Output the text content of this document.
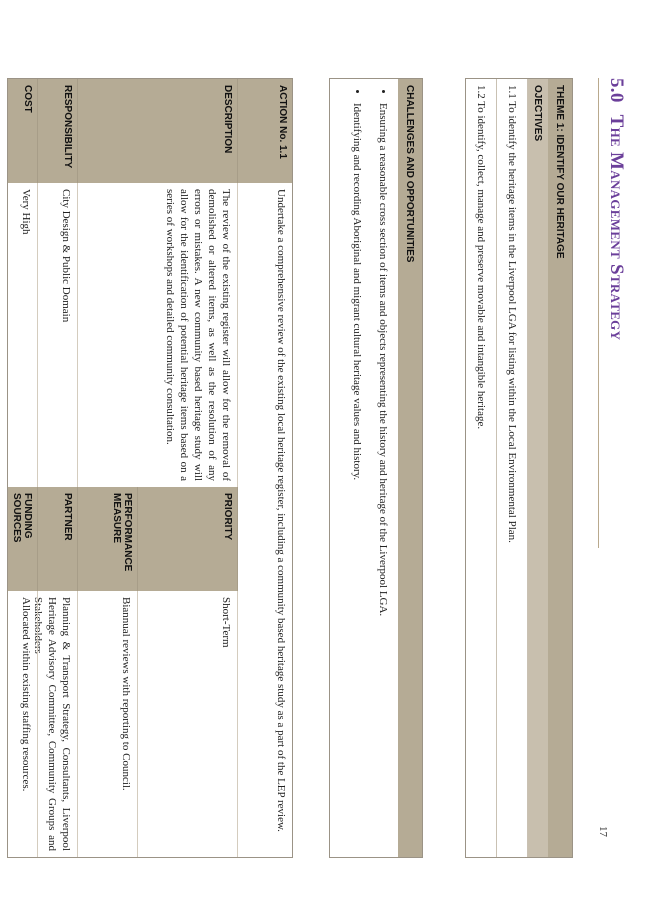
5.0The Management Strategy
THEME 1: IDENTIFY OUR HERITAGE
OJECTIVES
1.1 To identify the heritage items in the Liverpool LGA for listing within the Local Environmental Plan.
1.2 To identify, collect, manage and preserve movable and intangible heritage.
CHALLENGES AND OPPORTUNITIES
• Ensuring a reasonable cross section of items and objects representing the history and heritage of the Liverpool LGA.
• Identifying and recording Aboriginal and migrant cultural heritage values and history.
ACTION No. 1.1
Undertake a comprehensive review of the existing local heritage register, including a community based heritage study as a part of the LEP review.
DESCRIPTION
The review of the existing register will allow for the removal of demolished or altered items, as well as the resolution of any errors or mistakes. A new community based heritage study will allow for the identification of potential heritage items based on a series of workshops and detailed community consultation.
PRIORITY
Short-Term
PERFORMANCE MEASURE
Biannual reviews with reporting to Council.
RESPONSIBILITY
City Design & Public Domain
PARTNER
Planning & Transport Strategy, Consultants, Liverpool Heritage Advisory Committee, Community Groups and Stakeholders
COST
Very High
FUNDING SOURCES
Allocated within existing staffing resources.
17
